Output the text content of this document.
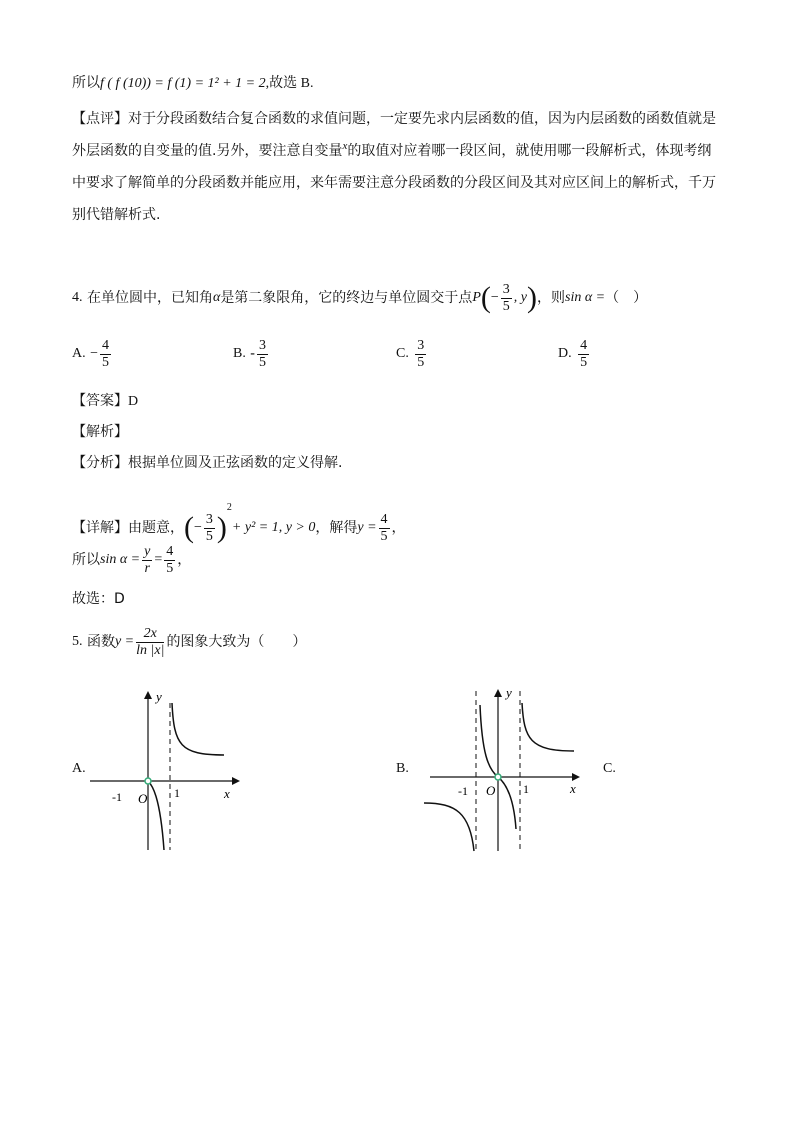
所以f ( f (10)) = f (1) = 1² + 1 = 2,故选 B.
【点评】对于分段函数结合复合函数的求值问题，一定要先求内层函数的值，因为内层函数的函数值就是
外层函数的自变量的值.另外，要注意自变量$^x$的取值对应着哪一段区间，就使用哪一段解析式，体现考纲
中要求了解简单的分段函数并能应用，来年需要注意分段函数的分段区间及其对应区间上的解析式，千万
别代错解析式.
4. 在单位圆中，已知角α是第二象限角，它的终边与单位圆交于点$P(- \frac{3}{5}$ , y)，则sin α =（　）
A. − $\frac{4}{5}$	B. - $\frac{3}{5}$	C. $\frac{3}{5}$	D. $\frac{4}{5}$
【答案】D
【解析】
【分析】根据单位圆及正弦函数的定义得解.
【详解】由题意，(− $\frac{3}{5} )^2+ y^2 = 1$, y > 0，解得$y = \frac{4}{5}$ ，
所以$\sin \alpha = \frac{y}{r} = \frac{4}{5}$ ，
故选：D
5. 函数$y = \frac{2x}{\ln |x|}$ 的图象大致为（　　）
A.
-1 O 1	x
y
B.
-1 O 1	x
y
C.
